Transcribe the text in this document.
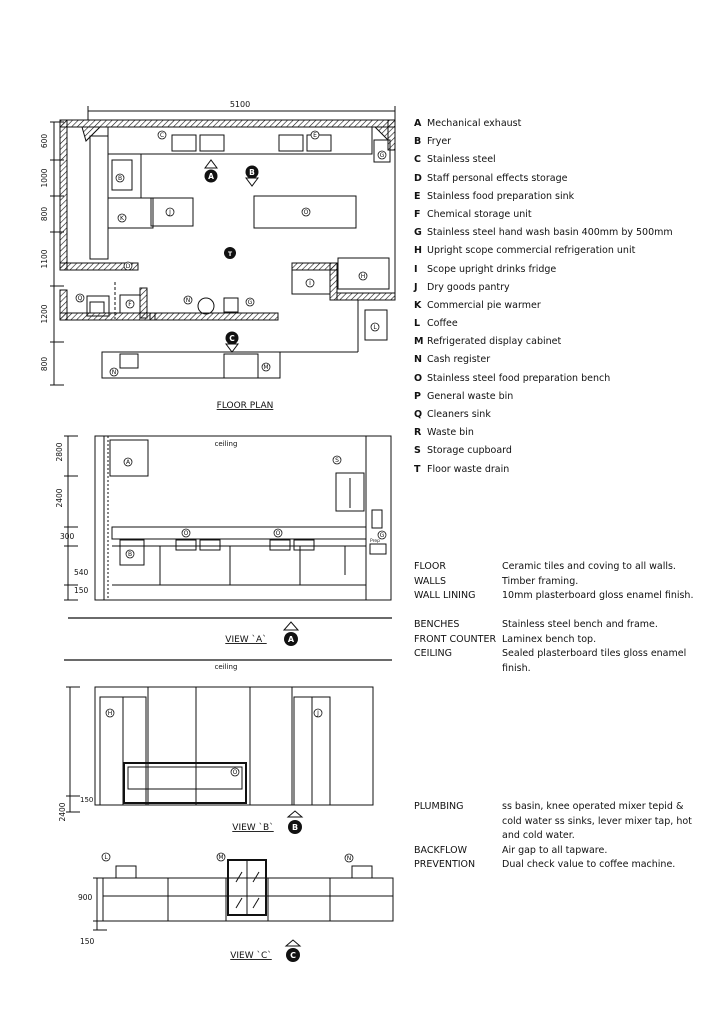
5100
600
1000
800
1100
1200
800
C	E
B
K
J	O
G
D
I
H
Q
F
N	G
L
N
M
T
A	B
C
FLOOR PLAN
2800
2400
300
540
150
ceiling
Prep
A	S
O	O
B
G
VIEW `A`	A
ceiling
2400
150
H	J
O
VIEW `B` B
900
150
L	M	N
VIEW `C` C
A Mechanical exhaust
B Fryer
C Stainless steel
D Staff personal effects storage
E Stainless food preparation sink
F Chemical storage unit
G Stainless steel hand wash basin 400mm by 500mm
H Upright scope commercial refrigeration unit
I Scope upright drinks fridge
J Dry goods pantry
K Commercial pie warmer
L Coffee
M Refrigerated display cabinet
N Cash register
O Stainless steel food preparation bench
P General waste bin
Q Cleaners sink
R Waste bin
S Storage cupboard
T Floor waste drain
FLOOR	Ceramic tiles and coving to all walls.
WALLS	Timber framing.
WALL LINING	10mm plasterboard gloss enamel finish.
BENCHES	Stainless steel bench and frame.
FRONT COUNTER Laminex bench top.
CEILING	Sealed plasterboard tiles gloss enamel finish.
PLUMBING	ss basin, knee operated mixer tepid & cold water ss sinks, lever mixer tap, hot and cold water.
BACKFLOW	Air gap to all tapware.
PREVENTION	Dual check value to coffee machine.
